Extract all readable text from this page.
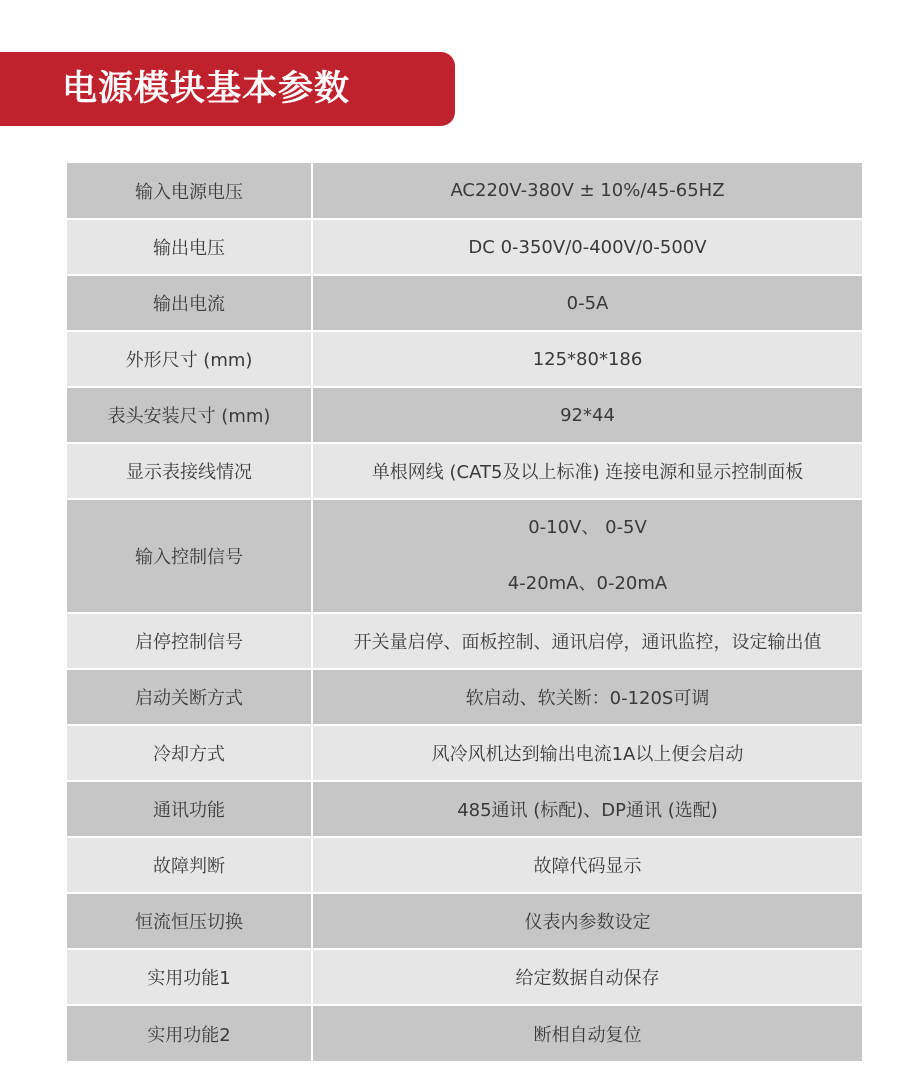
电源模块基本参数
输入电源电压	AC220V-380V ± 10%/45-65HZ
输出电压	DC 0-350V/0-400V/0-500V
输出电流	0-5A
外形尺寸 (mm)	125*80*186
表头安装尺寸 (mm)	92*44
显示表接线情况	单根网线 (CAT5及以上标准) 连接电源和显示控制面板
输入控制信号	0-10V、 0-5V
4-20mA、0-20mA

启停控制信号	开关量启停、面板控制、通讯启停，通讯监控，设定输出值
启动关断方式	软启动、软关断：0-120S可调
冷却方式	风冷风机达到输出电流1A以上便会启动
通讯功能	485通讯 (标配)、DP通讯 (选配)
故障判断	故障代码显示
恒流恒压切换	仪表内参数设定
实用功能1	给定数据自动保存
实用功能2	断相自动复位
